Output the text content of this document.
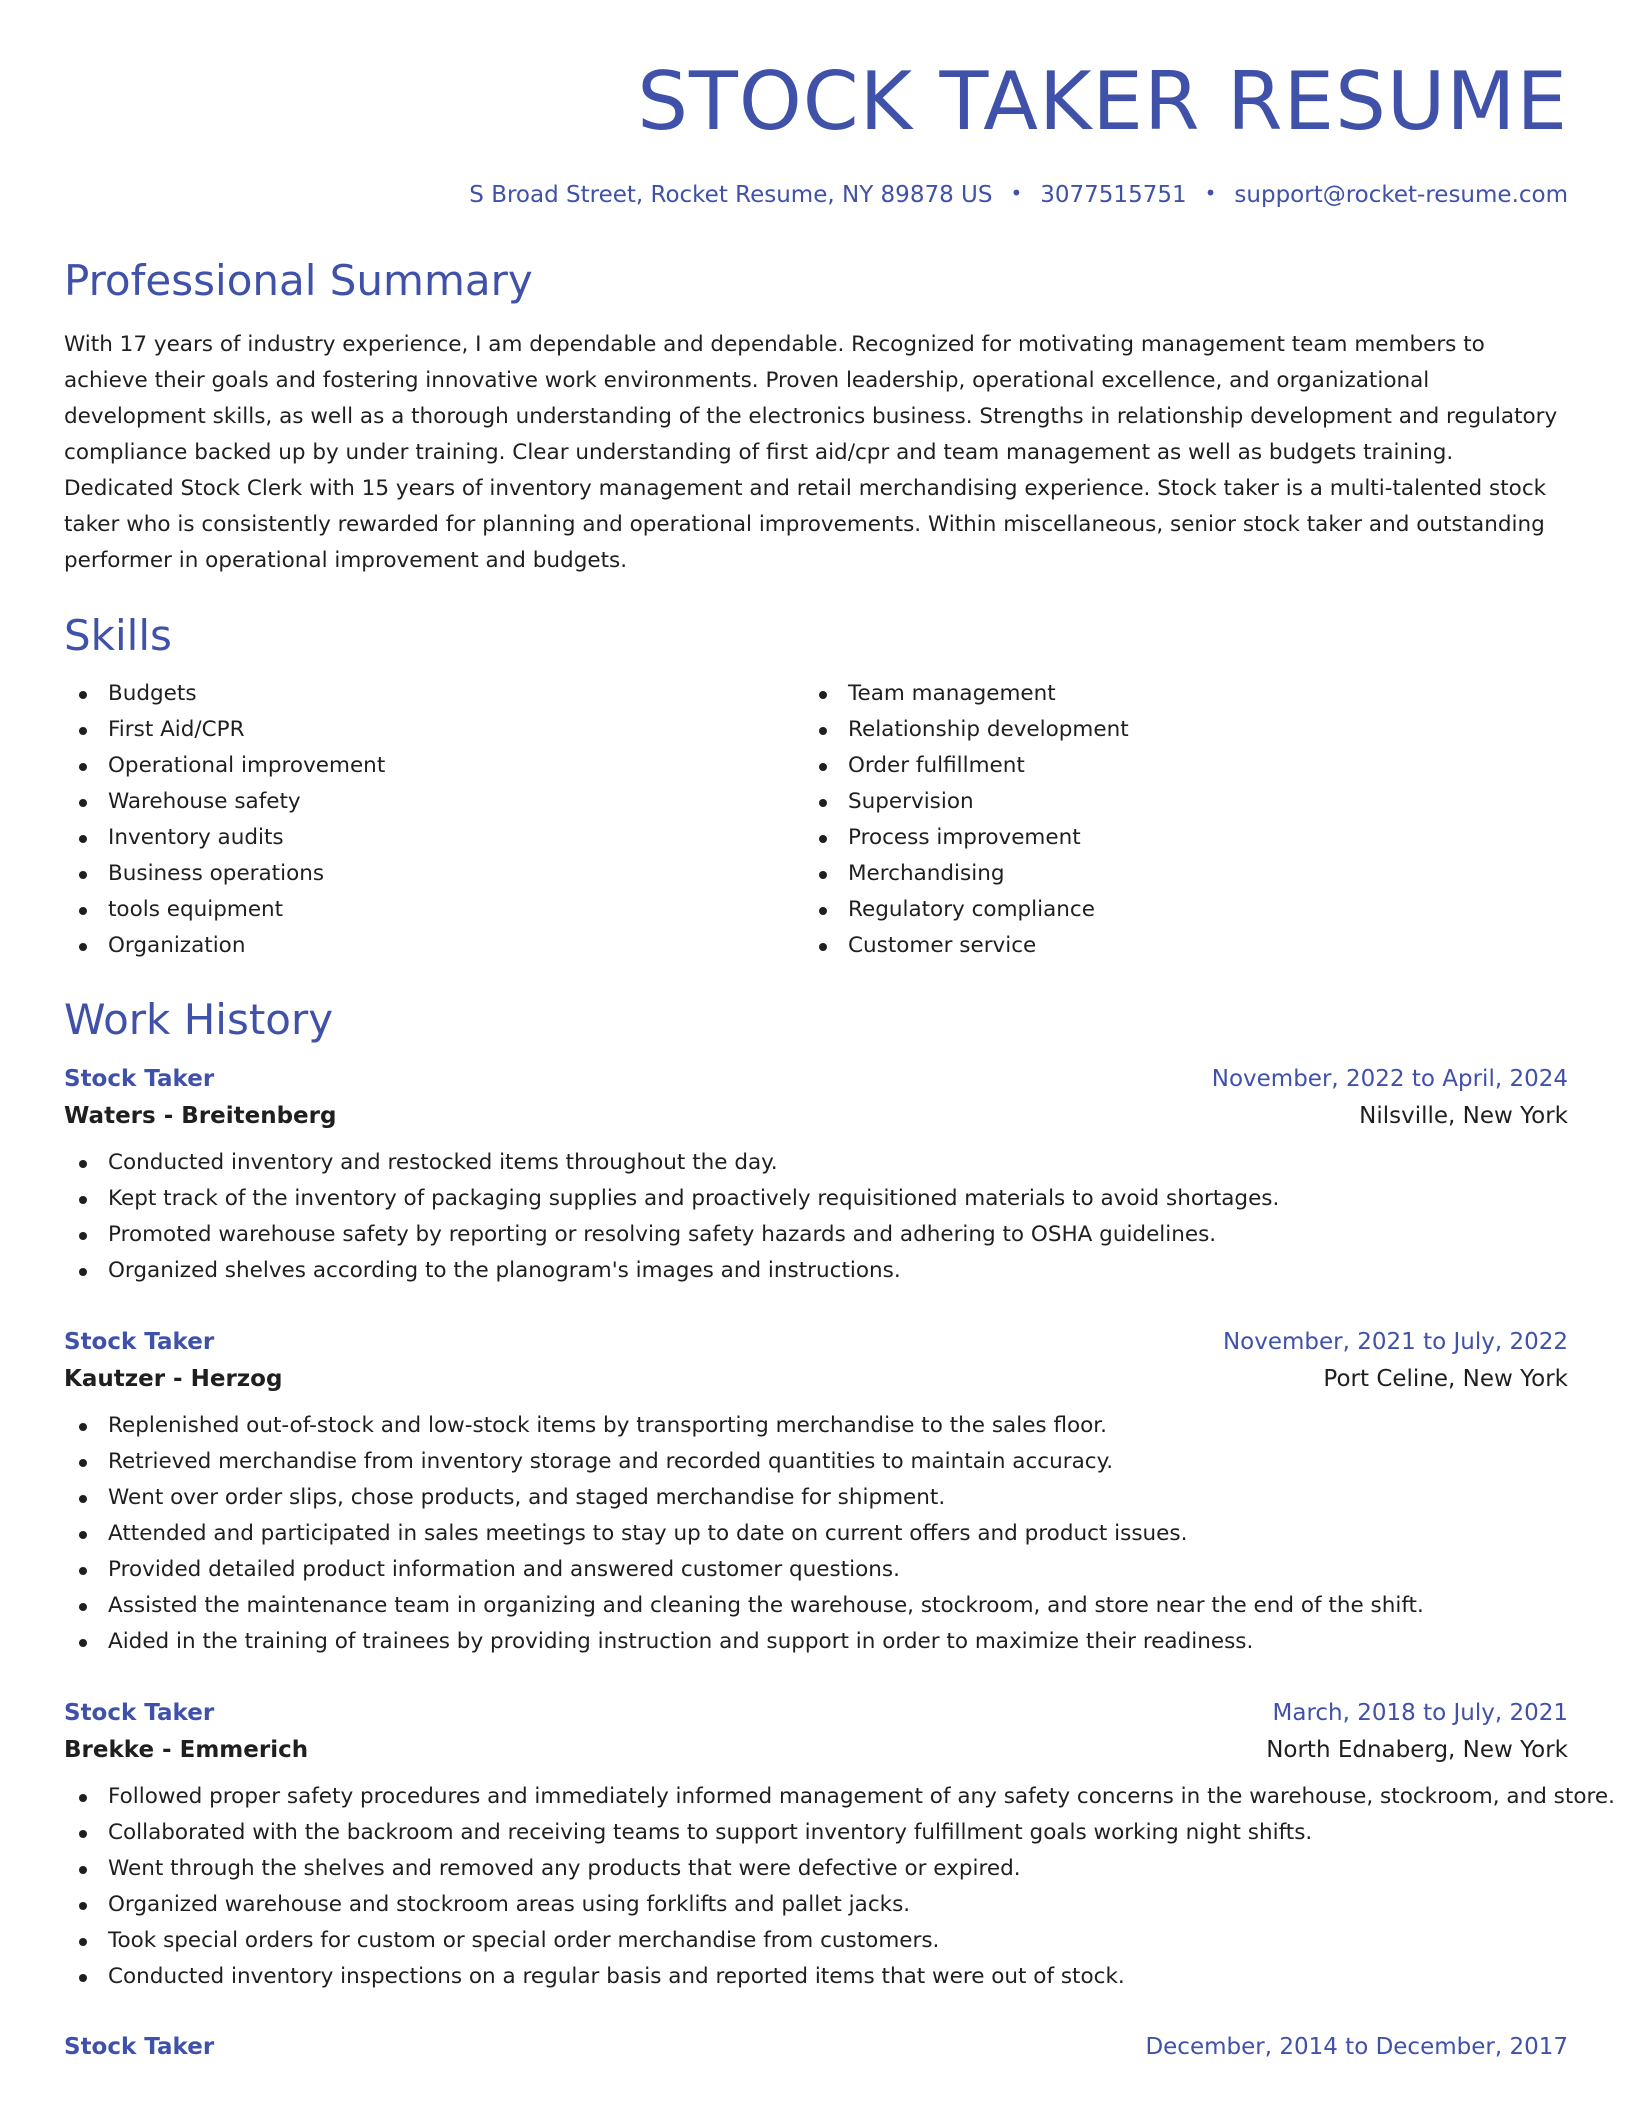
STOCK TAKER RESUME
S Broad Street, Rocket Resume, NY 89878 US • 3077515751 • support@rocket-resume.com
Professional Summary

With 17 years of industry experience, I am dependable and dependable. Recognized for motivating management team members to achieve their goals and fostering innovative work environments. Proven leadership, operational excellence, and organizational development skills, as well as a thorough understanding of the electronics business. Strengths in relationship development and regulatory compliance backed up by under training. Clear understanding of first aid/cpr and team management as well as budgets training. Dedicated Stock Clerk with 15 years of inventory management and retail merchandising experience. Stock taker is a multi-talented stock taker who is consistently rewarded for planning and operational improvements. Within miscellaneous, senior stock taker and outstanding performer in operational improvement and budgets.

Skills
Budgets
First Aid/CPR
Operational improvement
Warehouse safety
Inventory audits
Business operations
tools equipment
Organization
Team management
Relationship development
Order fulfillment
Supervision
Process improvement
Merchandising
Regulatory compliance
Customer service
Work History
Stock Taker	November, 2022 to April, 2024
Waters - Breitenberg	Nilsville, New York
Conducted inventory and restocked items throughout the day.
Kept track of the inventory of packaging supplies and proactively requisitioned materials to avoid shortages.
Promoted warehouse safety by reporting or resolving safety hazards and adhering to OSHA guidelines.
Organized shelves according to the planogram's images and instructions.
Stock Taker	November, 2021 to July, 2022
Kautzer - Herzog	Port Celine, New York
Replenished out-of-stock and low-stock items by transporting merchandise to the sales floor.
Retrieved merchandise from inventory storage and recorded quantities to maintain accuracy.
Went over order slips, chose products, and staged merchandise for shipment.
Attended and participated in sales meetings to stay up to date on current offers and product issues.
Provided detailed product information and answered customer questions.
Assisted the maintenance team in organizing and cleaning the warehouse, stockroom, and store near the end of the shift.
Aided in the training of trainees by providing instruction and support in order to maximize their readiness.
Stock Taker	March, 2018 to July, 2021
Brekke - Emmerich	North Ednaberg, New York
Followed proper safety procedures and immediately informed management of any safety concerns in the warehouse, stockroom, and store.
Collaborated with the backroom and receiving teams to support inventory fulfillment goals working night shifts.
Went through the shelves and removed any products that were defective or expired.
Organized warehouse and stockroom areas using forklifts and pallet jacks.
Took special orders for custom or special order merchandise from customers.
Conducted inventory inspections on a regular basis and reported items that were out of stock.
Stock Taker	December, 2014 to December, 2017
